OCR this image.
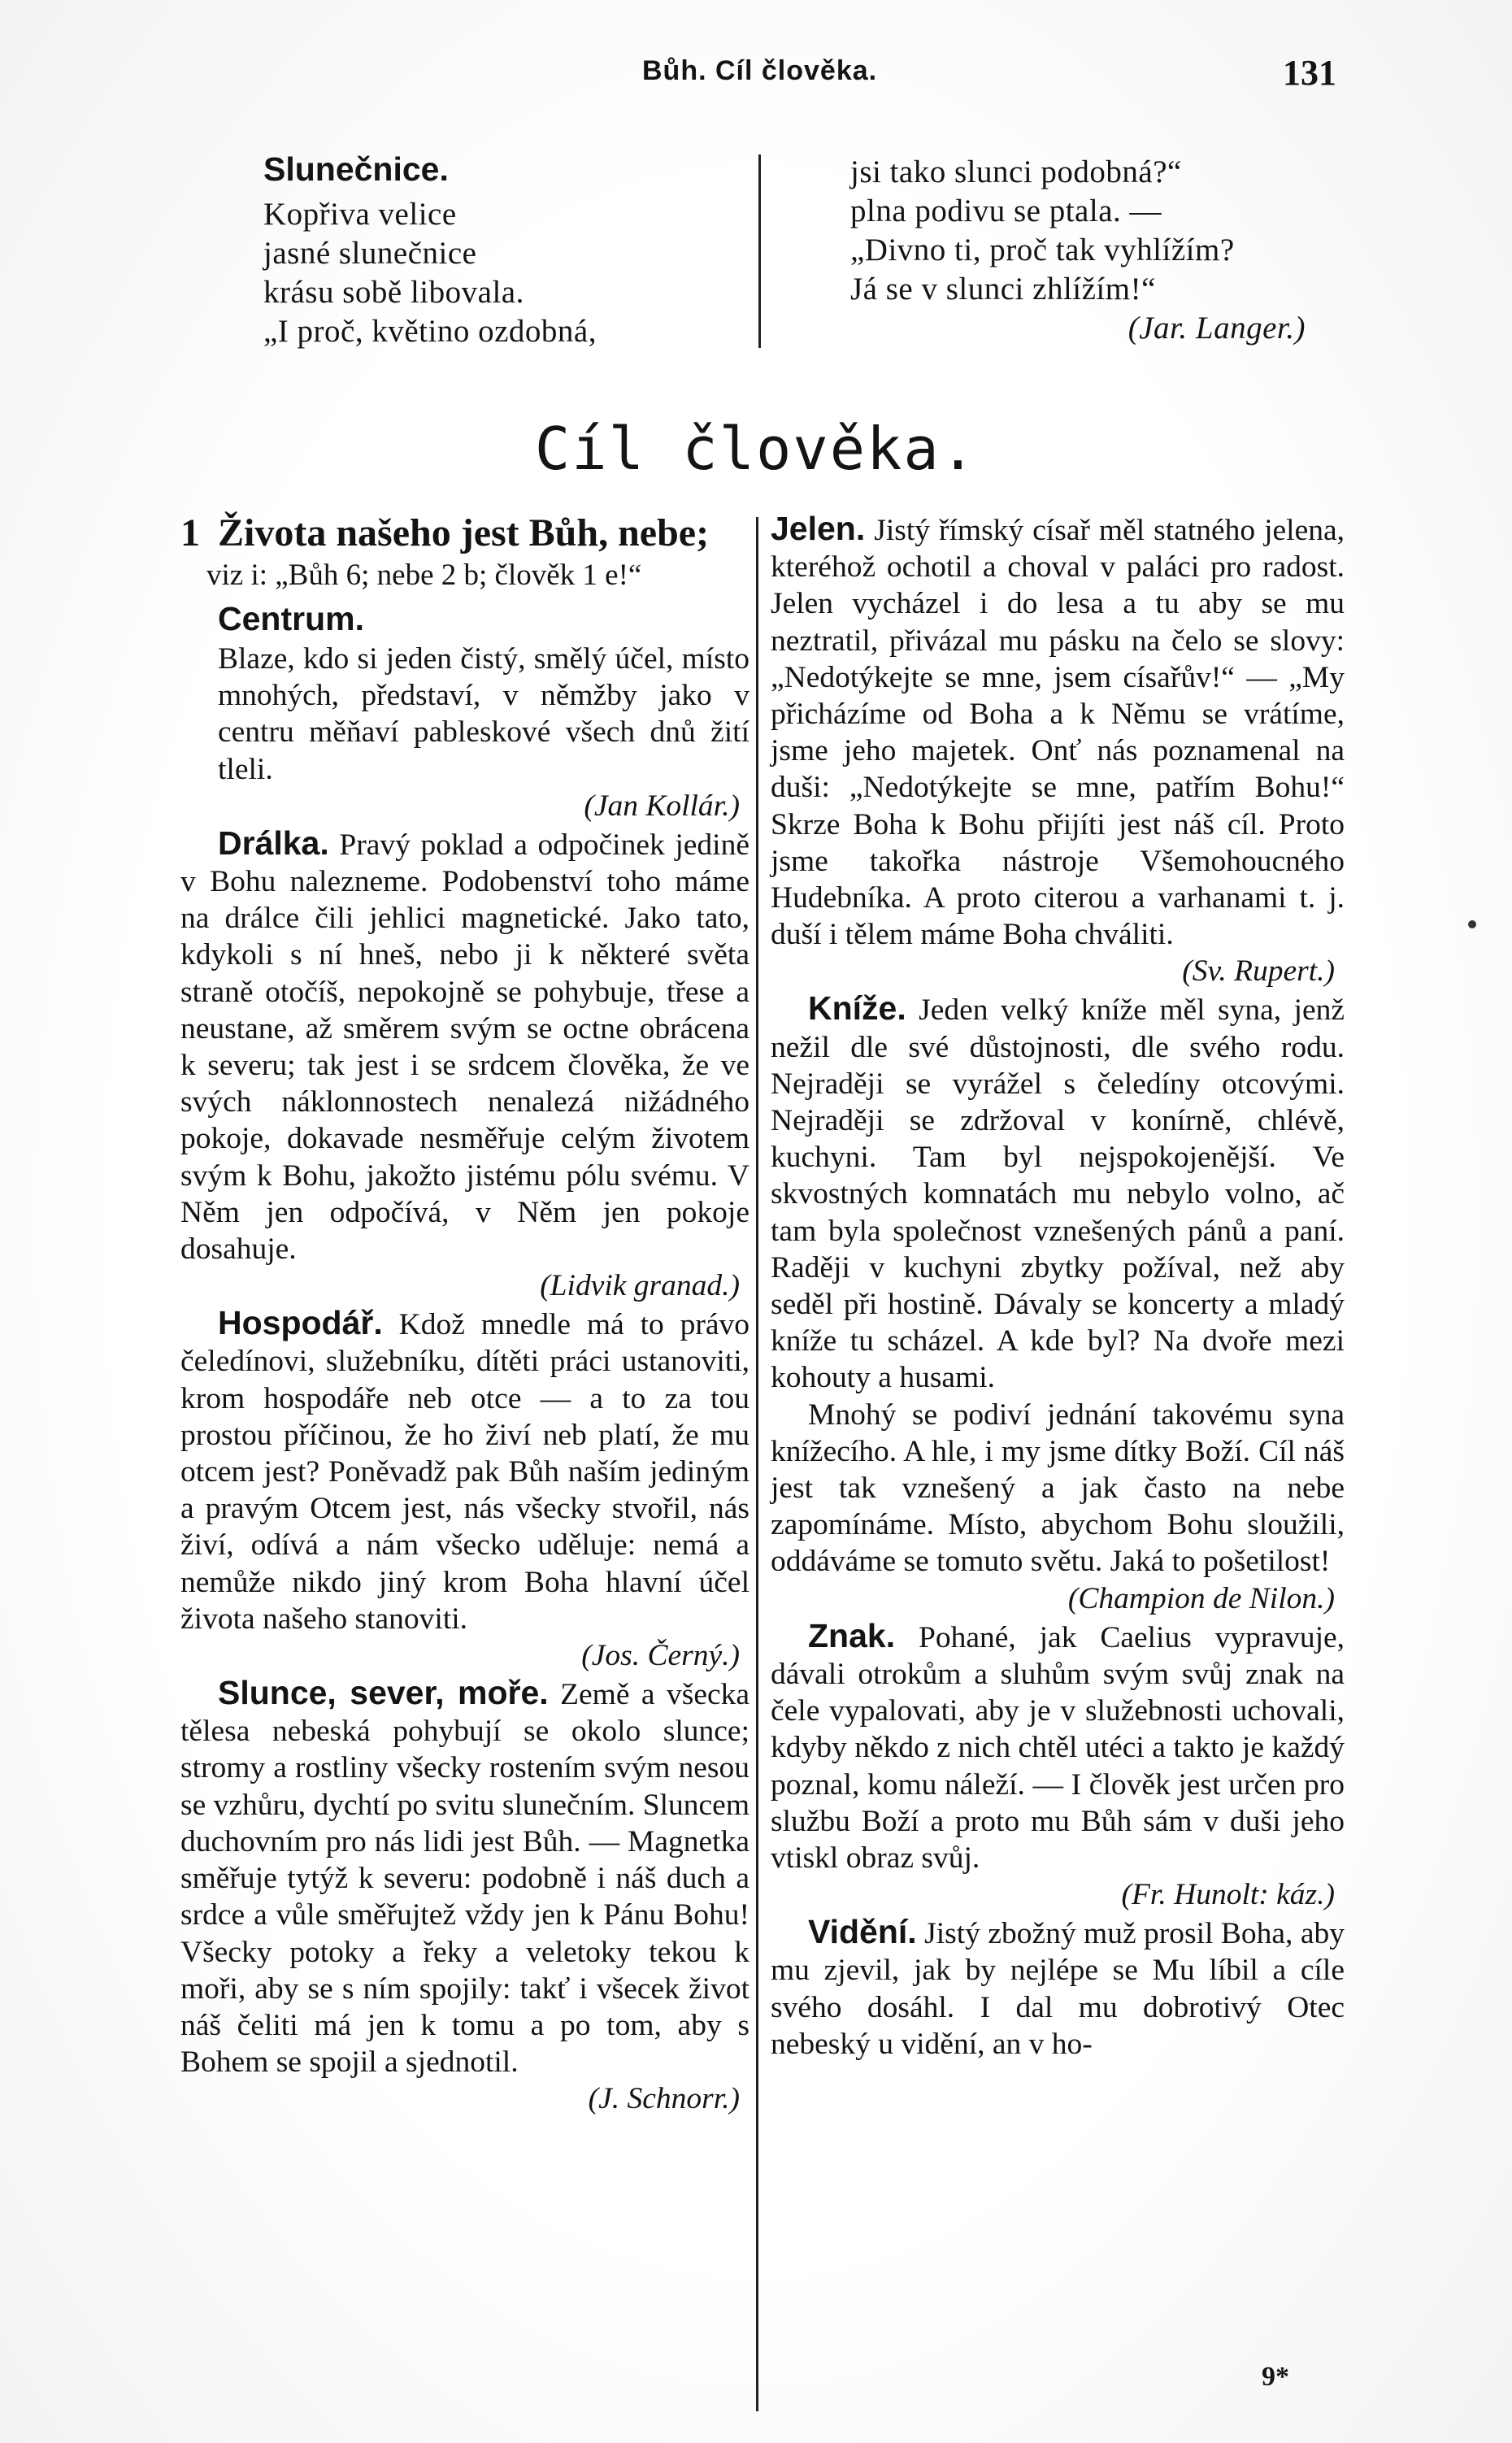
Bůh. Cíl člověka.	131
Slunečnice.
Kopřiva velice
jasné slunečnice
krásu sobě libovala.
„I proč, květino ozdobná,
jsi tako slunci podobná?“
plna podivu se ptala. —
„Divno ti, proč tak vyhlížím?
Já se v slunci zhlížím!“
(Jar. Langer.)
Cíl člověka.
1 Života našeho jest Bůh, nebe;
viz i: „Bůh 6; nebe 2 b; člověk 1 e!“
Centrum.
Blaze, kdo si jeden čistý, smělý účel, místo mnohých, představí, v němžby jako v centru měňaví pableskové všech dnů žití tleli.
(Jan Kollár.)
Drálka. Pravý poklad a odpočinek jedině v Bohu nalezneme. Podobenství toho máme na drálce čili jehlici magnetické. Jako tato, kdykoli s ní hneš, nebo ji k některé světa straně otočíš, nepokojně se pohybuje, třese a neustane, až směrem svým se octne obrácena k severu; tak jest i se srdcem člověka, že ve svých náklonnostech nenalezá nižádného pokoje, dokavade nesměřuje celým životem svým k Bohu, jakožto jistému pólu svému. V Něm jen odpočívá, v Něm jen pokoje dosahuje.
(Lidvik granad.)
Hospodář. Kdož mnedle má to právo čeledínovi, služebníku, dítěti práci ustanoviti, krom hospodáře neb otce — a to za tou prostou příčinou, že ho živí neb platí, že mu otcem jest? Poněvadž pak Bůh naším jediným a pravým Otcem jest, nás všecky stvořil, nás živí, odívá a nám všecko uděluje: nemá a nemůže nikdo jiný krom Boha hlavní účel života našeho stanoviti.
(Jos. Černý.)
Slunce, sever, moře. Země a všecka tělesa nebeská pohybují se okolo slunce; stromy a rostliny všecky rostením svým nesou se vzhůru, dychtí po svitu slunečním. Sluncem duchovním pro nás lidi jest Bůh. — Magnetka směřuje tytýž k severu: podobně i náš duch a srdce a vůle směřujtež vždy jen k Pánu Bohu! Všecky potoky a řeky a veletoky tekou k moři, aby se s ním spojily: takť i všecek život náš čeliti má jen k tomu a po tom, aby s Bohem se spojil a sjednotil.
(J. Schnorr.)
Jelen. Jistý římský císař měl statného jelena, kteréhož ochotil a choval v paláci pro radost. Jelen vycházel i do lesa a tu aby se mu neztratil, přivázal mu pásku na čelo se slovy: „Nedotýkejte se mne, jsem císařův!“ — „My přicházíme od Boha a k Němu se vrátíme, jsme jeho majetek. Onť nás poznamenal na duši: „Nedotýkejte se mne, patřím Bohu!“ Skrze Boha k Bohu přijíti jest náš cíl. Proto jsme takořka nástroje Všemohoucného Hudebníka. A proto citerou a varhanami t. j. duší i tělem máme Boha chváliti.
(Sv. Rupert.)
Kníže. Jeden velký kníže měl syna, jenž nežil dle své důstojnosti, dle svého rodu. Nejraději se vyrážel s čeledíny otcovými. Nejraději se zdržoval v konírně, chlévě, kuchyni. Tam byl nejspokojenější. Ve skvostných komnatách mu nebylo volno, ač tam byla společnost vznešených pánů a paní. Raději v kuchyni zbytky požíval, než aby seděl při hostině. Dávaly se koncerty a mladý kníže tu scházel. A kde byl? Na dvoře mezi kohouty a husami.
Mnohý se podiví jednání takovému syna knížecího. A hle, i my jsme dítky Boží. Cíl náš jest tak vznešený a jak často na nebe zapomínáme. Místo, abychom Bohu sloužili, oddáváme se tomuto světu. Jaká to pošetilost!
(Champion de Nilon.)
Znak. Pohané, jak Caelius vypravuje, dávali otrokům a sluhům svým svůj znak na čele vypalovati, aby je v služebnosti uchovali, kdyby někdo z nich chtěl utéci a takto je každý poznal, komu náleží. — I člověk jest určen pro službu Boží a proto mu Bůh sám v duši jeho vtiskl obraz svůj.
(Fr. Hunolt: káz.)
Vidění. Jistý zbožný muž prosil Boha, aby mu zjevil, jak by nejlépe se Mu líbil a cíle svého dosáhl. I dal mu dobrotivý Otec nebeský u vidění, an v ho-
9*
